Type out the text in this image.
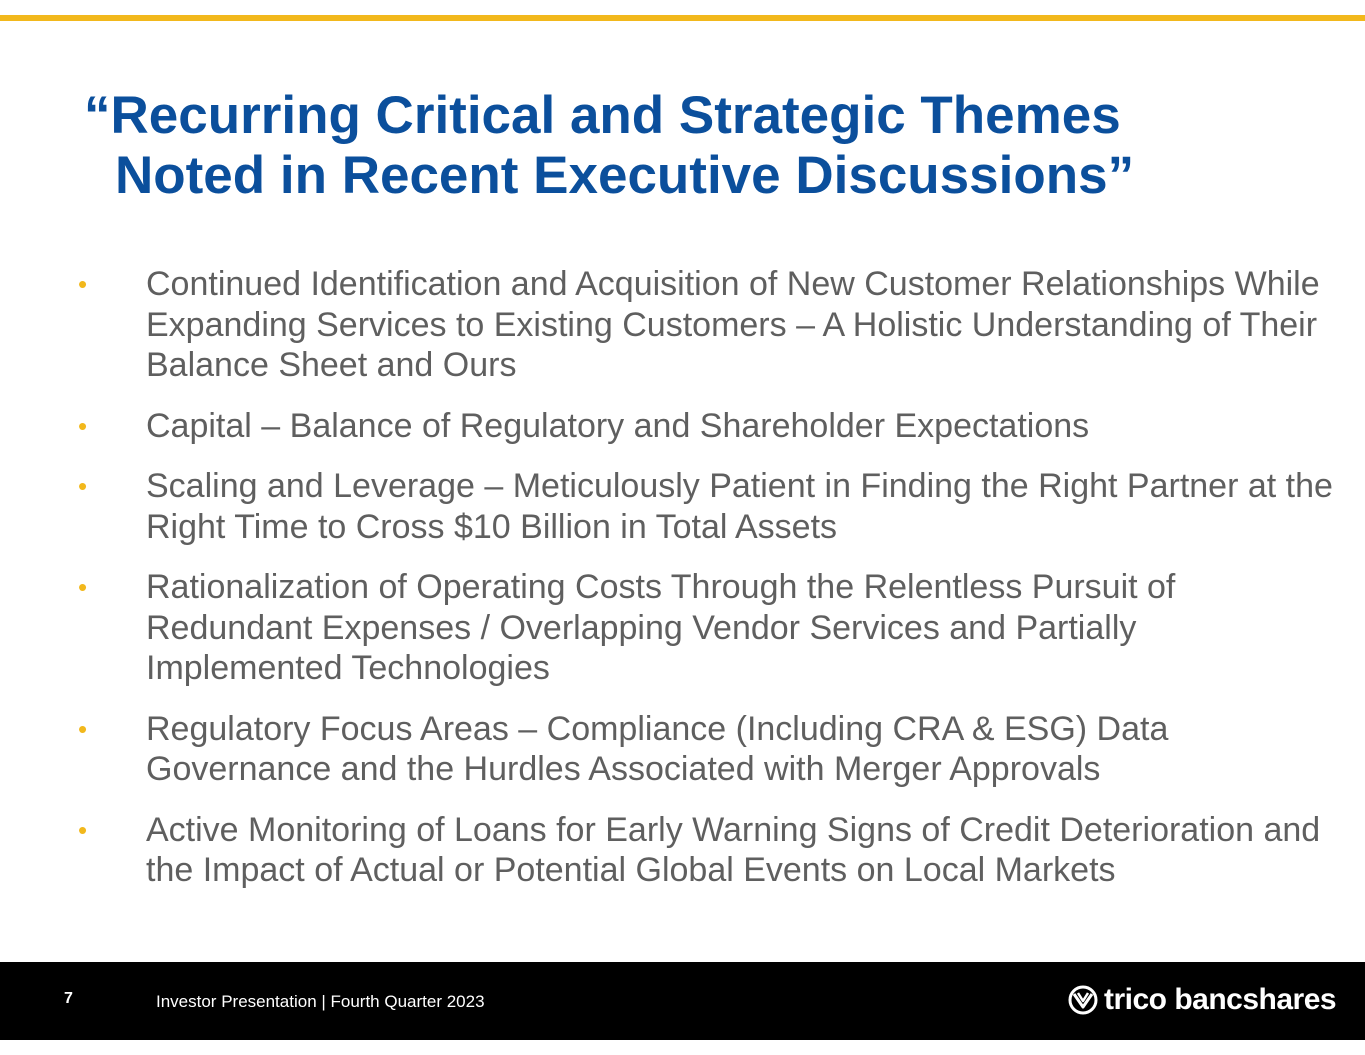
“Recurring Critical and Strategic Themes
Noted in Recent Executive Discussions”
• Continued Identification and Acquisition of New Customer Relationships While Expanding Services to Existing Customers – A Holistic Understanding of Their Balance Sheet and Ours
• Capital – Balance of Regulatory and Shareholder Expectations
• Scaling and Leverage – Meticulously Patient in Finding the Right Partner at the Right Time to Cross $10 Billion in Total Assets
• Rationalization of Operating Costs Through the Relentless Pursuit of Redundant Expenses / Overlapping Vendor Services and Partially Implemented Technologies
• Regulatory Focus Areas – Compliance (Including CRA & ESG) Data Governance and the Hurdles Associated with Merger Approvals
• Active Monitoring of Loans for Early Warning Signs of Credit Deterioration and the Impact of Actual or Potential Global Events on Local Markets
7	Investor Presentation | Fourth Quarter 2023	trico bancshares
